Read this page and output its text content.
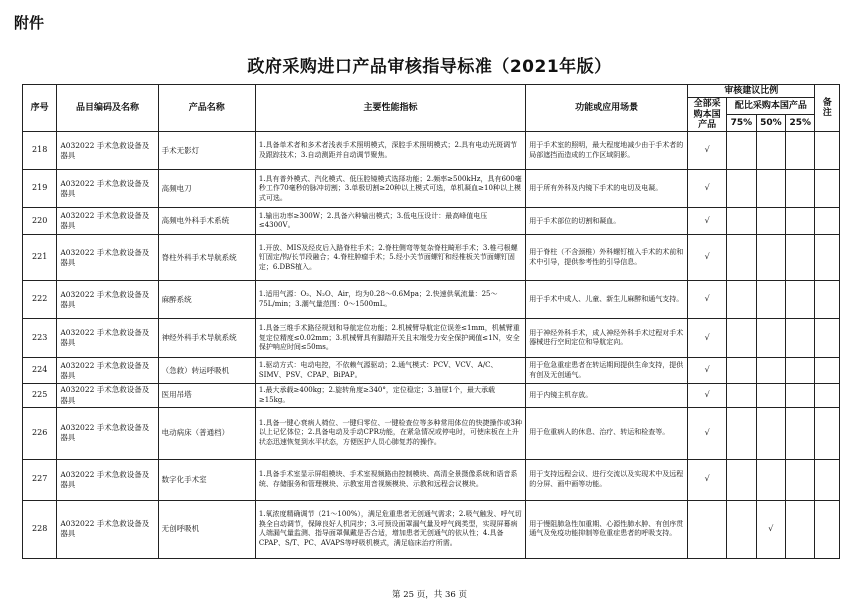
附件
政府采购进口产品审核指导标准（2021年版）
序号	品目编码及名称	产品名称	主要性能指标	功能或应用场景	审核建议比例				备注
					全部采购本国产品	配比采购本国产品			
						75%	50%	25%	
218	A032022 手术急救设备及器具	手术无影灯	1.具备单术者和多术者浅表手术照明模式，深腔手术照明模式；2.具有电动光斑调节及跟踪技术；3.自动测距并自动调节聚焦。	用于手术室的照明，最大程度地减少由于手术者的局部遮挡而造成的工作区域阴影。	√				
219	A032022 手术急救设备及器具	高频电刀	1.具有普外模式、汽化模式、低压腔镜模式选择功能；2.频率≥500kHz，具有600毫秒工作70毫秒的脉冲切割；3.单极切割≥20种以上模式可选，单机凝血≥10种以上模式可选。	用于所有外科及内镜下手术的电切及电凝。	√				
220	A032022 手术急救设备及器具	高频电外科手术系统	1.输出功率≥300W；2.具备六种输出模式；3.低电压设计：最高峰值电压≤4300V。	用于手术部位的切割和凝血。	√				
221	A032022 手术急救设备及器具	脊柱外科手术导航系统	1.开放、MIS及经皮后入路脊柱手术；2.脊柱侧弯等复杂脊柱畸形手术；3.椎弓根螺钉固定/钩/长节段融合；4.脊柱肿瘤手术；5.经小关节面螺钉和经椎板关节面螺钉固定；6.DBS植入。	用于脊柱（不含颈椎）外科螺钉植入手术的术前和术中引导，提供参考性的引导信息。	√				
222	A032022 手术急救设备及器具	麻醉系统	1.适用气源：O₂、N₂O、Air，均为0.28～0.6Mpa；2.快速供氧流量：25～75L/min；3.潮气量范围：0～1500mL。	用于手术中成人、儿童、新生儿麻醉和通气支持。	√				
223	A032022 手术急救设备及器具	神经外科手术导航系统	1.具备三维手术路径规划和导航定位功能；2.机械臂导航定位误差≤1mm，机械臂重复定位精度≤0.02mm；3.机械臂具有脚踏开关且末端受力安全保护阈值≤1N，安全保护响应时间≤50ms。	用于神经外科手术，成人神经外科手术过程对手术器械进行空间定位和导航定向。	√				
224	A032022 手术急救设备及器具	（急救）转运呼吸机	1.驱动方式：电动电控，不依赖气源驱动；2.通气模式：PCV、VCV、A/C、SIMV、PSV、CPAP、BiPAP。	用于危急重症患者在转运期间提供生命支持，提供有创及无创通气。	√				
225	A032022 手术急救设备及器具	医用吊塔	1.最大承载≥400kg；2.旋转角度≥340°，定位稳定；3.抽屉1个，最大承载≥15kg。	用于内镜主机存放。	√				
226	A032022 手术急救设备及器具	电动病床（普通档）	1.具备一键心衰病人椅位、一键归零位、一键检查位等多种常用体位的快捷操作或3种以上记忆体位；2.具备电动及手动CPR功能，在紧急情况或停电时，可使床板在上升状态迅速恢复到水平状态，方便医护人员心肺复苏的操作。	用于危重病人的休息、治疗、转运和检查等。	√				
227	A032022 手术急救设备及器具	数字化手术室	1.具备手术室显示屏组模块、手术室视频路由控制模块、高清全景摄像系统和语音系统、存储服务和管理模块、示教室用音视频模块、示教和远程会议模块。	用于支持远程会议、进行交流以及实现术中及远程的分屏、画中画等功能。	√				
228	A032022 手术急救设备及器具	无创呼吸机	1.氧浓度精确调节（21～100%），满足危重患者无创通气需求；2.吸气触发、呼气切换全自动调节，保障良好人机同步；3.可预设面罩漏气量及呼气阀类型，实现屏幕病人端漏气量监测、指导面罩佩戴是否合适，增加患者无创通气的依从性；4.具备CPAP、S/T、PC、AVAPS等呼吸机模式，满足临床治疗所需。	用于慢阻肺急性加重期、心源性肺水肿、有创序贯通气及免疫功能抑制等危重症患者的呼吸支持。			√		
第 25 页，共 36 页
